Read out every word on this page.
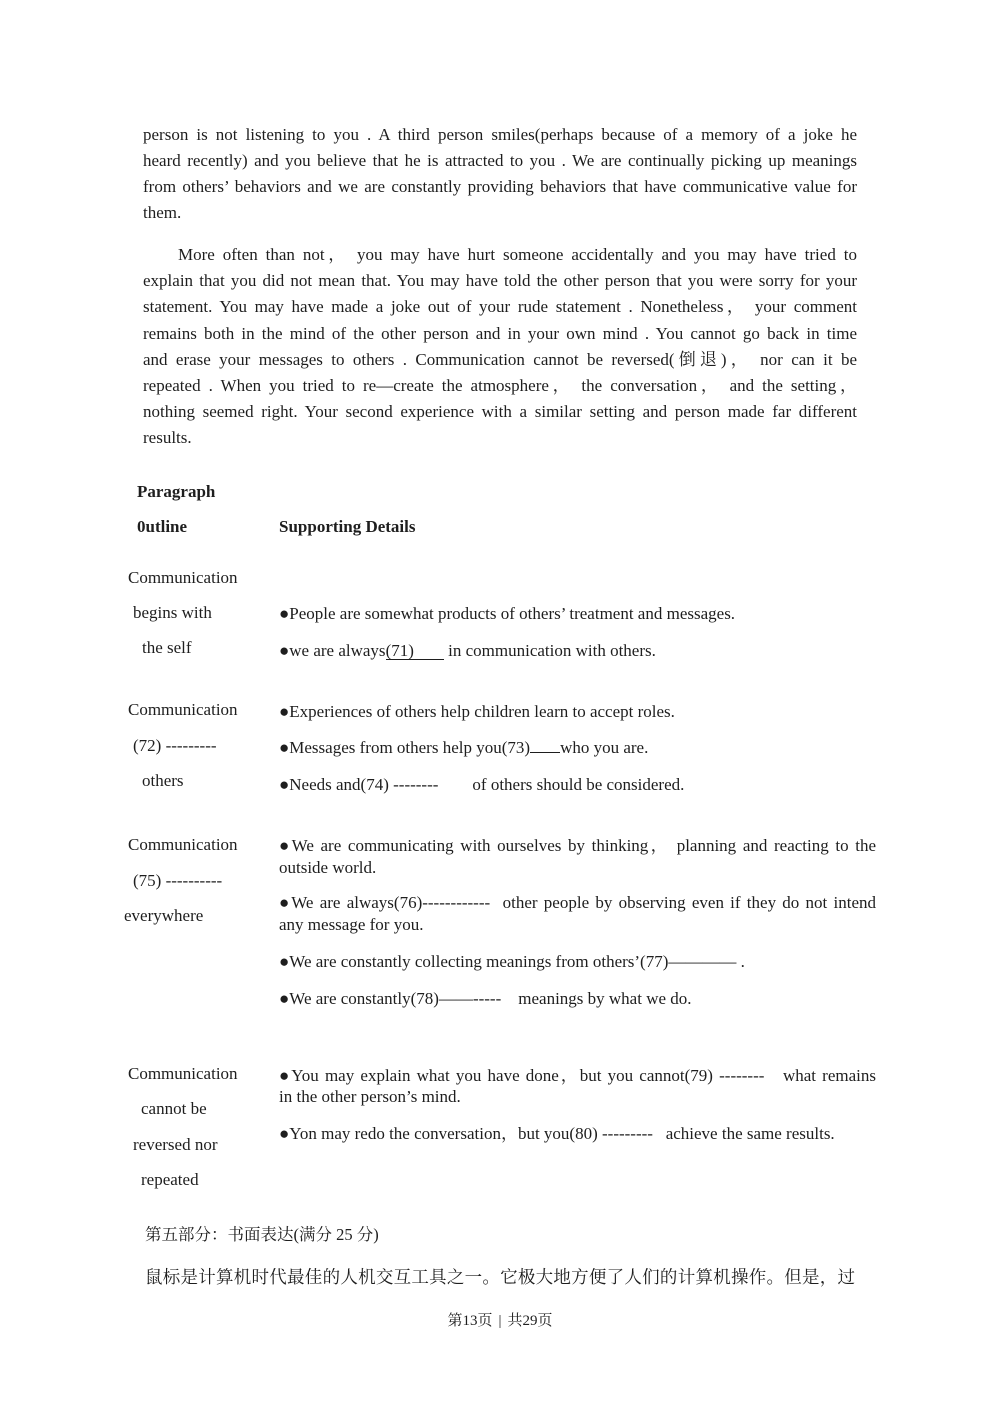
person is not listening to you . A third person smiles(perhaps because of a memory of a joke he

heard recently) and you believe that he is attracted to you . We are continually picking up meanings

from others’ behaviors and we are constantly providing behaviors that have communicative value for

them.

More often than not， you may have hurt someone accidentally and you may have tried to

explain that you did not mean that. You may have told the other person that you were sorry for your

statement. You may have made a joke out of your rude statement . Nonetheless， your comment

remains both in the mind of the other person and in your own mind . You cannot go back in time

and erase your messages to others . Communication cannot be reversed(倒退)， nor can it be

repeated . When you tried to re—create the atmosphere， the conversation， and the setting，

nothing seemed right. Your second experience with a similar setting and person made far different

results.

Paragraph

0utline	Supporting Details

Communication

begins with

the self

●People are somewhat products of others’ treatment and messages.

●we are always(71) in communication with others.

Communication

(72) ---------

others

●Experiences of others help children learn to accept roles.

●Messages from others help you(73) who you are.

●Needs and(74) --------        of others should be considered.

Communication

(75) ----------

everywhere

●We are communicating with ourselves by thinking， planning and reacting to the

outside world.

●We are always(76)------------  other people by observing even if they do not intend

any message for you.

●We are constantly collecting meanings from others’(77)———— .

●We are constantly(78)——-----    meanings by what we do.

Communication

cannot be

reversed nor

repeated

●You may explain what you have done，but you cannot(79) --------   what remains

in the other person’s mind.

●Yon may redo the conversation，but you(80) ---------   achieve the same results.

第五部分：书面表达(满分 25 分)

鼠标是计算机时代最佳的人机交互工具之一。它极大地方便了人们的计算机操作。但是，过

第13页 | 共29页
